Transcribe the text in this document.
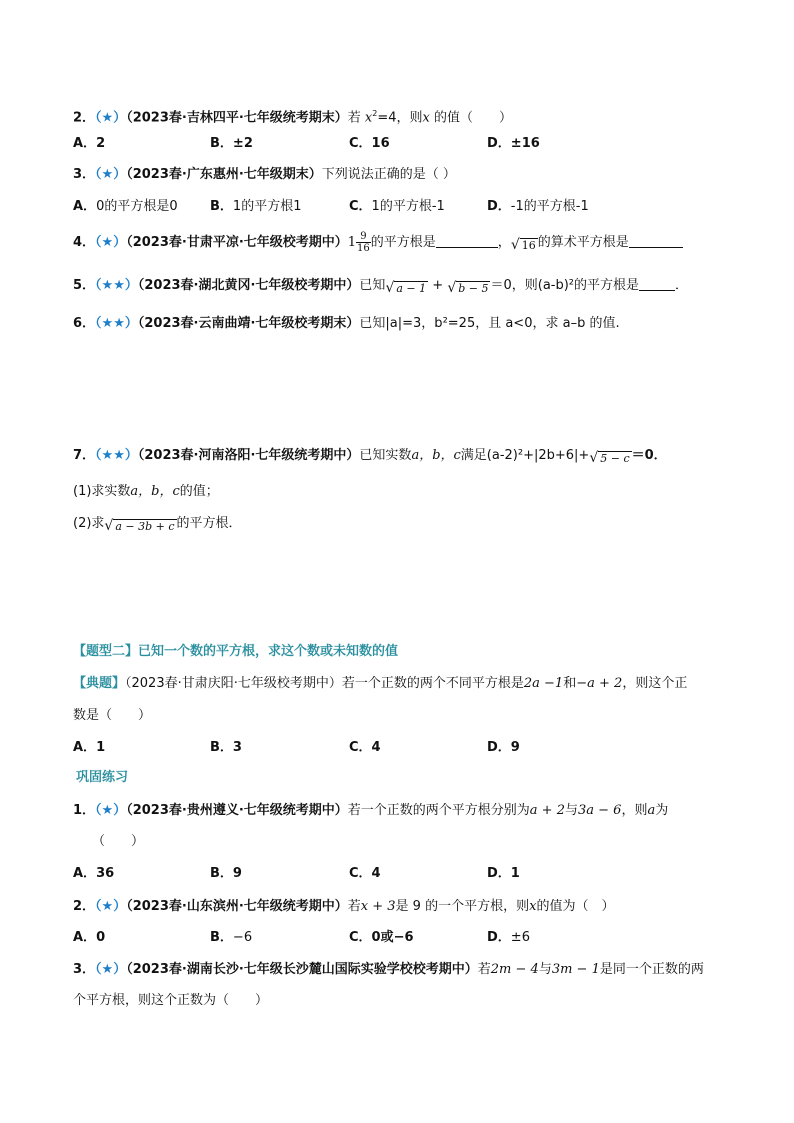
2．（★）（2023春·吉林四平·七年级统考期末）若 $x^2=4$，则x 的值（　　）
A．2	B．±2	C．16	D．±16
3．（★）（2023春·广东惠州·七年级期末）下列说法正确的是（ ）
A．0的平方根是0 B．1的平方根1	C．1的平方根-1	D．-1的平方根-1
4．（★）（2023春·甘肃平凉·七年级校考期中）$1 \frac{9}{16}$ 的平方根是	，√ 16 的算术平方根是
5．（★★）（2023春·湖北黄冈·七年级校考期中）已知√ a − 1 + √ b − 5 ＝0，则(a-b)²的平方根是	．
6．（★★）（2023春·云南曲靖·七年级校考期末）已知|a|=3，b²=25，且 a<0，求 a–b 的值.
7．（★★）（2023春·河南洛阳·七年级统考期中）已知实数a，b，c满足(a-2)²+|2b+6|+√ 5 − c ＝0．
(1)求实数a，b，c的值；
(2)求√ a − 3b + c 的平方根．
【题型二】已知一个数的平方根，求这个数或未知数的值
【典题】（2023春·甘肃庆阳·七年级校考期中）若一个正数的两个不同平方根是2a −1和−a + 2，则这个正
数是（　　）
A．1	B．3	C．4	D．9
巩固练习
1．（★）（2023春·贵州遵义·七年级统考期中）若一个正数的两个平方根分别为a + 2与3a − 6，则a为
（　　）
A．36	B．9	C．4	D．1
2．（★）（2023春·山东滨州·七年级统考期中）若x + 3是 9 的一个平方根，则x的值为（　）
A．0	B．−6	C．0或−6	D．±6
3．（★）（2023春·湖南长沙·七年级长沙麓山国际实验学校校考期中）若2m − 4与3m − 1是同一个正数的两
个平方根，则这个正数为（　　）
